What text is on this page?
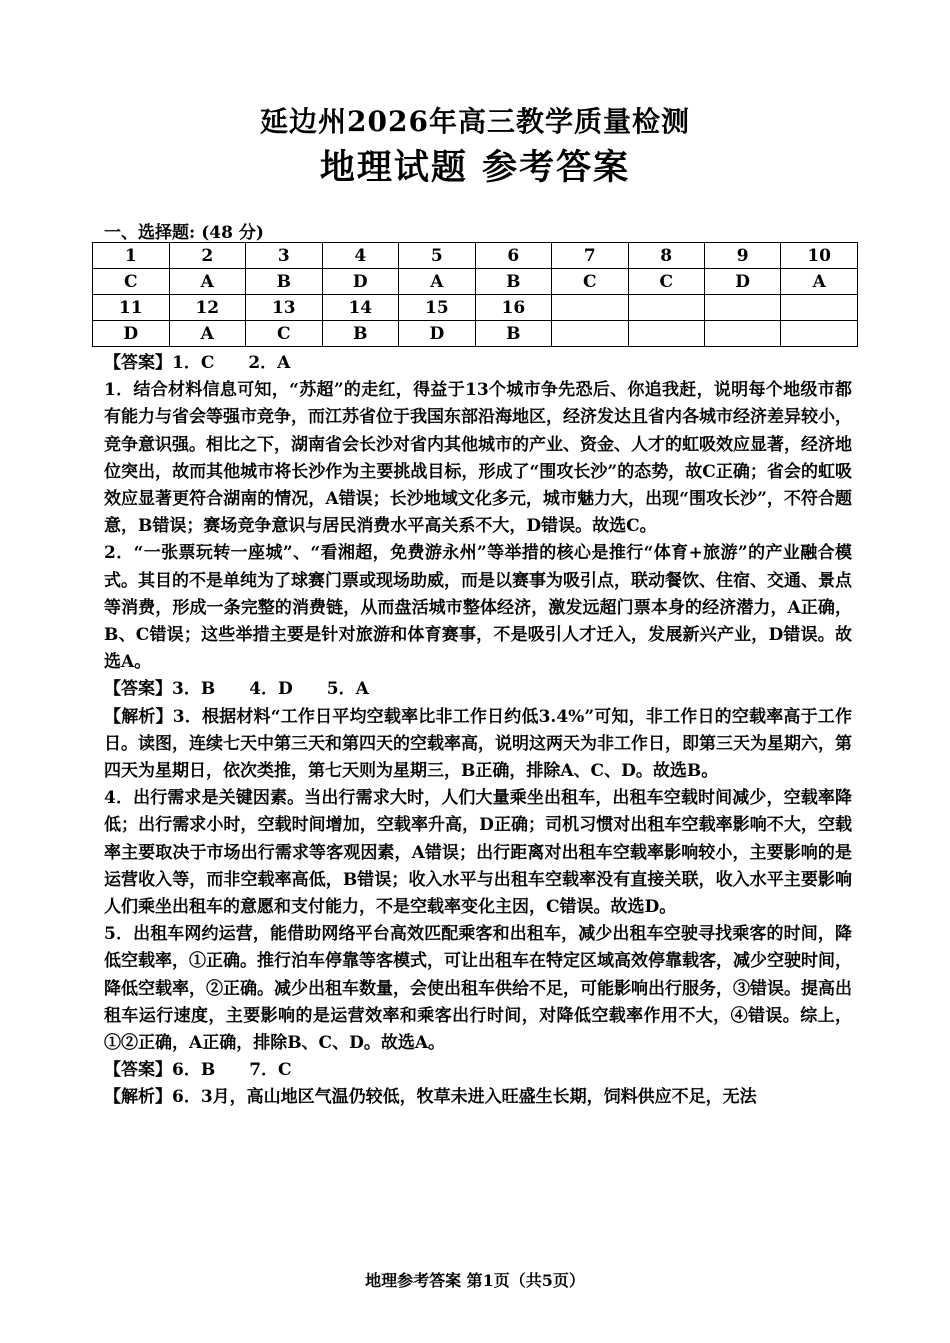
延边州2026年高三教学质量检测
地理试题 参考答案
一、选择题: (48 分)
1	2	3	4	5	6	7	8	9	10
C	A	B	D	A	B	C	C	D	A
11	12	13	14	15	16				
D	A	C	B	D	B				

【答案】1．C　　2．A

1．结合材料信息可知，“苏超”的走红，得益于13个城市争先恐后、你追我赶，说明每个地级市都有能力与省会等强市竞争，而江苏省位于我国东部沿海地区，经济发达且省内各城市经济差异较小，竞争意识强。相比之下，湖南省会长沙对省内其他城市的产业、资金、人才的虹吸效应显著，经济地位突出，故而其他城市将长沙作为主要挑战目标，形成了“围攻长沙”的态势，故C正确；省会的虹吸效应显著更符合湖南的情况，A错误；长沙地域文化多元，城市魅力大，出现“围攻长沙”，不符合题意，B错误；赛场竞争意识与居民消费水平高关系不大，D错误。故选C。

2．“一张票玩转一座城”、“看湘超，免费游永州”等举措的核心是推行“体育+旅游”的产业融合模式。其目的不是单纯为了球赛门票或现场助威，而是以赛事为吸引点，联动餐饮、住宿、交通、景点等消费，形成一条完整的消费链，从而盘活城市整体经济，激发远超门票本身的经济潜力，A正确，B、C错误；这些举措主要是针对旅游和体育赛事，不是吸引人才迁入，发展新兴产业，D错误。故选A。

【答案】3．B　　4．D　　5．A

【解析】3．根据材料“工作日平均空载率比非工作日约低3.4%”可知，非工作日的空载率高于工作日。读图，连续七天中第三天和第四天的空载率高，说明这两天为非工作日，即第三天为星期六，第四天为星期日，依次类推，第七天则为星期三，B正确，排除A、C、D。故选B。

4．出行需求是关键因素。当出行需求大时，人们大量乘坐出租车，出租车空载时间减少，空载率降低；出行需求小时，空载时间增加，空载率升高，D正确；司机习惯对出租车空载率影响不大，空载率主要取决于市场出行需求等客观因素，A错误；出行距离对出租车空载率影响较小，主要影响的是运营收入等，而非空载率高低，B错误；收入水平与出租车空载率没有直接关联，收入水平主要影响人们乘坐出租车的意愿和支付能力，不是空载率变化主因，C错误。故选D。

5．出租车网约运营，能借助网络平台高效匹配乘客和出租车，减少出租车空驶寻找乘客的时间，降低空载率，①正确。推行泊车停靠等客模式，可让出租车在特定区域高效停靠载客，减少空驶时间，降低空载率，②正确。减少出租车数量，会使出租车供给不足，可能影响出行服务，③错误。提高出租车运行速度，主要影响的是运营效率和乘客出行时间，对降低空载率作用不大，④错误。综上，①②正确，A正确，排除B、C、D。故选A。

【答案】6．B　　7．C

【解析】6．3月，高山地区气温仍较低，牧草未进入旺盛生长期，饲料供应不足，无法

地理参考答案 第1页（共5页）
